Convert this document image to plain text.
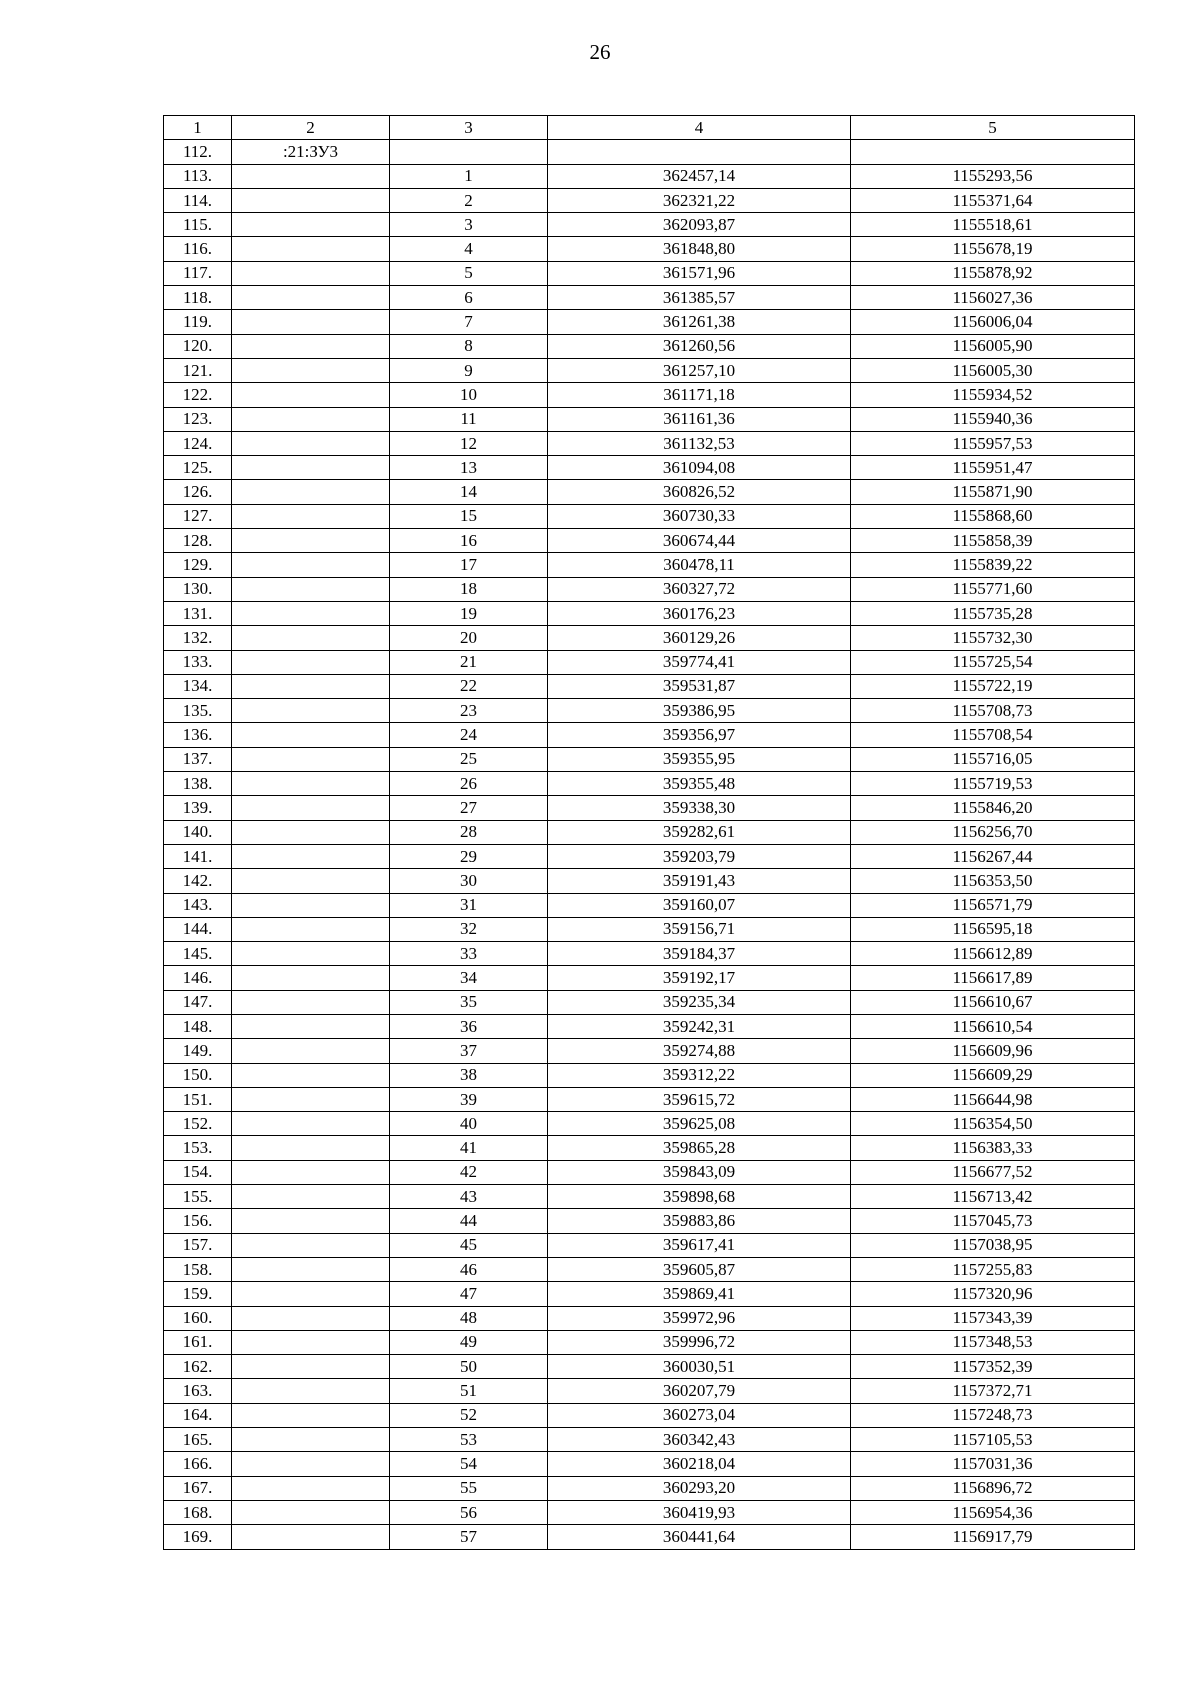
26
1	2	3	4	5
112.	:21:ЗУ3			
113.		1	362457,14	1155293,56
114.		2	362321,22	1155371,64
115.		3	362093,87	1155518,61
116.		4	361848,80	1155678,19
117.		5	361571,96	1155878,92
118.		6	361385,57	1156027,36
119.		7	361261,38	1156006,04
120.		8	361260,56	1156005,90
121.		9	361257,10	1156005,30
122.		10	361171,18	1155934,52
123.		11	361161,36	1155940,36
124.		12	361132,53	1155957,53
125.		13	361094,08	1155951,47
126.		14	360826,52	1155871,90
127.		15	360730,33	1155868,60
128.		16	360674,44	1155858,39
129.		17	360478,11	1155839,22
130.		18	360327,72	1155771,60
131.		19	360176,23	1155735,28
132.		20	360129,26	1155732,30
133.		21	359774,41	1155725,54
134.		22	359531,87	1155722,19
135.		23	359386,95	1155708,73
136.		24	359356,97	1155708,54
137.		25	359355,95	1155716,05
138.		26	359355,48	1155719,53
139.		27	359338,30	1155846,20
140.		28	359282,61	1156256,70
141.		29	359203,79	1156267,44
142.		30	359191,43	1156353,50
143.		31	359160,07	1156571,79
144.		32	359156,71	1156595,18
145.		33	359184,37	1156612,89
146.		34	359192,17	1156617,89
147.		35	359235,34	1156610,67
148.		36	359242,31	1156610,54
149.		37	359274,88	1156609,96
150.		38	359312,22	1156609,29
151.		39	359615,72	1156644,98
152.		40	359625,08	1156354,50
153.		41	359865,28	1156383,33
154.		42	359843,09	1156677,52
155.		43	359898,68	1156713,42
156.		44	359883,86	1157045,73
157.		45	359617,41	1157038,95
158.		46	359605,87	1157255,83
159.		47	359869,41	1157320,96
160.		48	359972,96	1157343,39
161.		49	359996,72	1157348,53
162.		50	360030,51	1157352,39
163.		51	360207,79	1157372,71
164.		52	360273,04	1157248,73
165.		53	360342,43	1157105,53
166.		54	360218,04	1157031,36
167.		55	360293,20	1156896,72
168.		56	360419,93	1156954,36
169.		57	360441,64	1156917,79
